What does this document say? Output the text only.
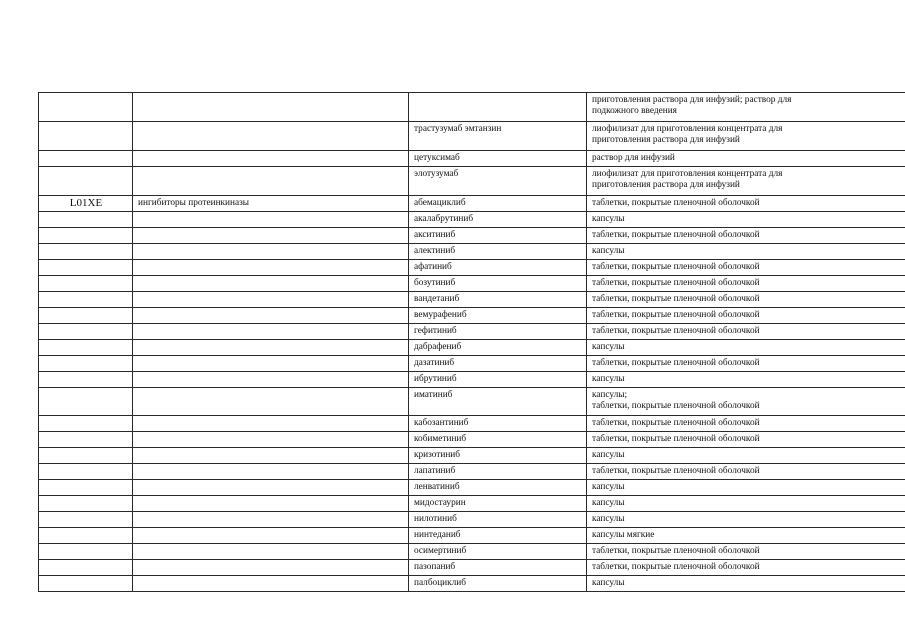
			приготовления раствора для инфузий; раствор для
подкожного введения

		трастузумаб эмтанзин	лиофилизат для приготовления концентрата для
приготовления раствора для инфузий

		цетуксимаб	раствор для инфузий

		элотузумаб	лиофилизат для приготовления концентрата для
приготовления раствора для инфузий

L01XE	ингибиторы протеинкиназы	абемациклиб	таблетки, покрытые пленочной оболочкой

		акалабрутиниб	капсулы

		акситиниб	таблетки, покрытые пленочной оболочкой

		алектиниб	капсулы

		афатиниб	таблетки, покрытые пленочной оболочкой

		бозутиниб	таблетки, покрытые пленочной оболочкой

		вандетаниб	таблетки, покрытые пленочной оболочкой

		вемурафениб	таблетки, покрытые пленочной оболочкой

		гефитиниб	таблетки, покрытые пленочной оболочкой

		дабрафениб	капсулы

		дазатиниб	таблетки, покрытые пленочной оболочкой

		ибрутиниб	капсулы

		иматиниб	капсулы;
таблетки, покрытые пленочной оболочкой

		кабозантиниб	таблетки, покрытые пленочной оболочкой

		кобиметиниб	таблетки, покрытые пленочной оболочкой

		кризотиниб	капсулы

		лапатиниб	таблетки, покрытые пленочной оболочкой

		ленватиниб	капсулы

		мидостаурин	капсулы

		нилотиниб	капсулы

		нинтеданиб	капсулы мягкие

		осимертиниб	таблетки, покрытые пленочной оболочкой

		пазопаниб	таблетки, покрытые пленочной оболочкой

		палбоциклиб	капсулы
